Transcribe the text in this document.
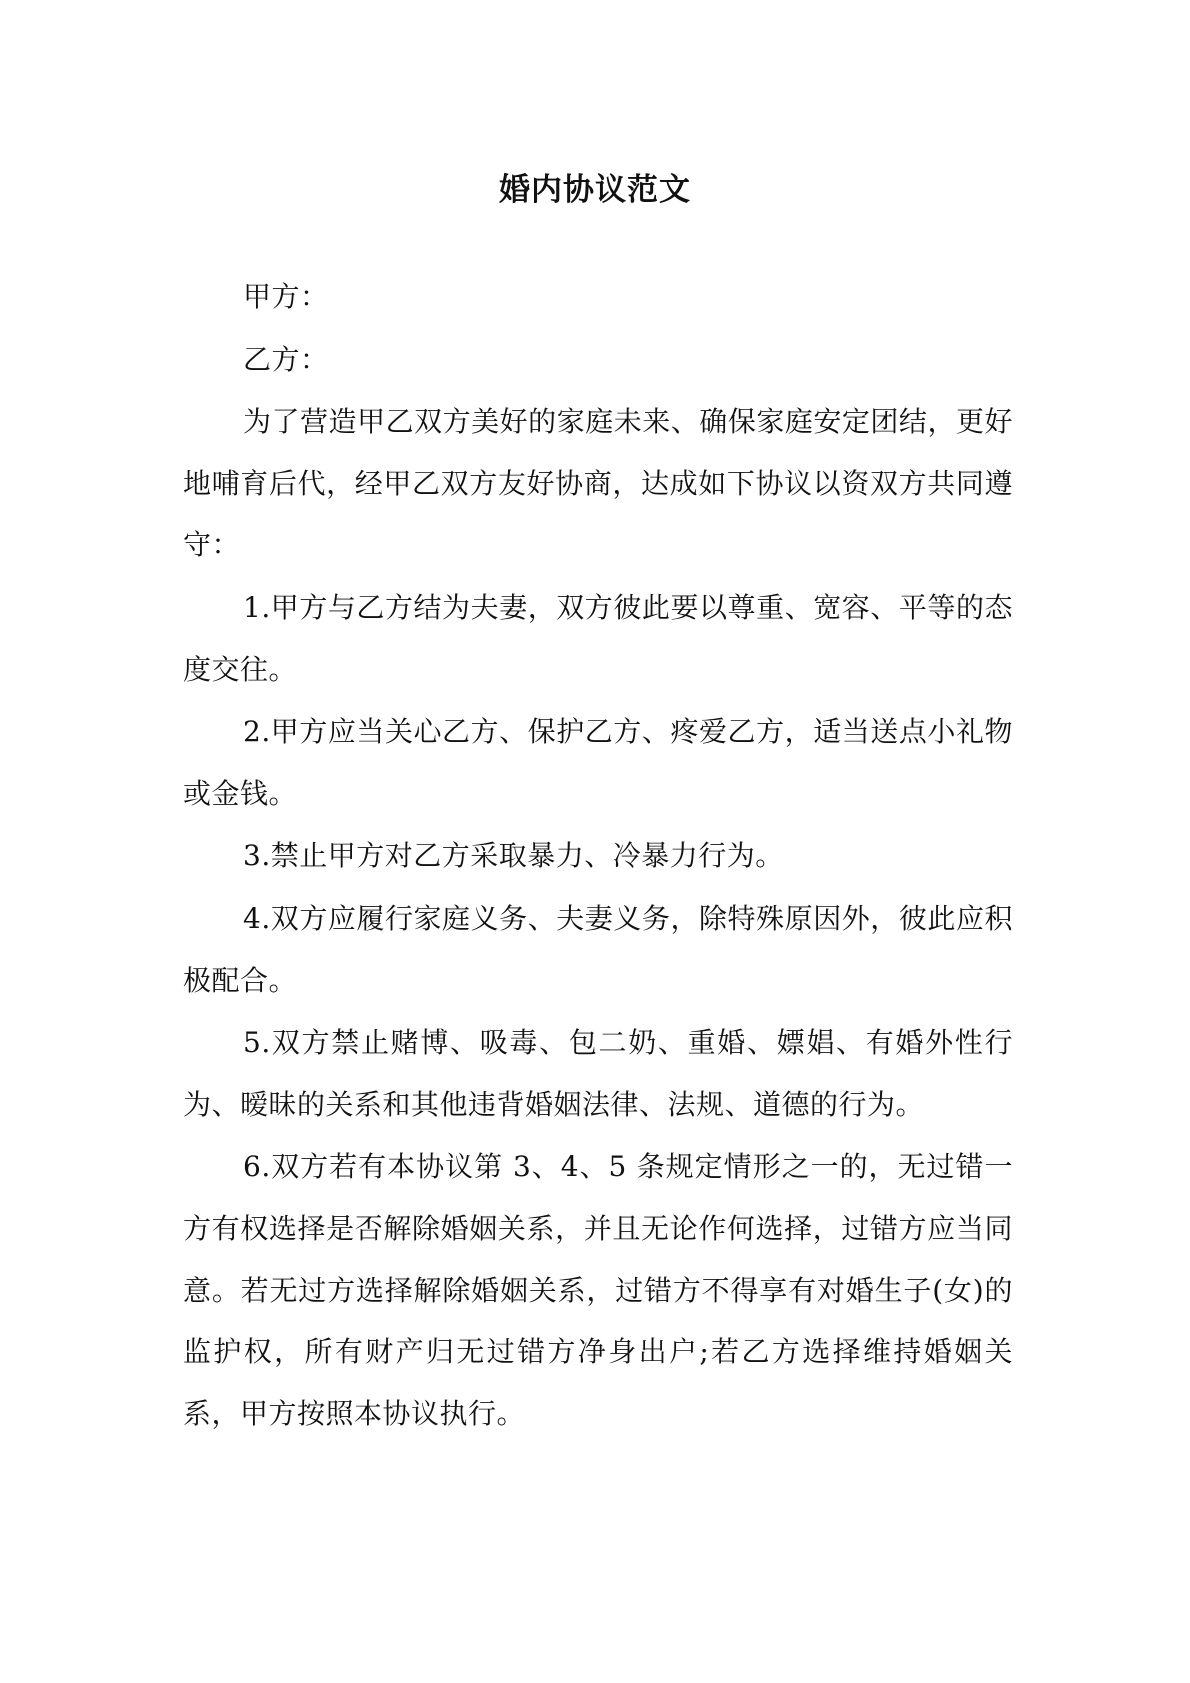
婚内协议范文

甲方：

乙方：

为了营造甲乙双方美好的家庭未来、确保家庭安定团结，更好地哺育后代，经甲乙双方友好协商，达成如下协议以资双方共同遵守：

1.甲方与乙方结为夫妻，双方彼此要以尊重、宽容、平等的态度交往。

2.甲方应当关心乙方、保护乙方、疼爱乙方，适当送点小礼物或金钱。

3.禁止甲方对乙方采取暴力、冷暴力行为。

4.双方应履行家庭义务、夫妻义务，除特殊原因外，彼此应积极配合。

5.双方禁止赌博、吸毒、包二奶、重婚、嫖娼、有婚外性行为、暧昧的关系和其他违背婚姻法律、法规、道德的行为。

6.双方若有本协议第 3、4、5 条规定情形之一的，无过错一方有权选择是否解除婚姻关系，并且无论作何选择，过错方应当同意。若无过方选择解除婚姻关系，过错方不得享有对婚生子(女)的监护权，所有财产归无过错方净身出户;若乙方选择维持婚姻关系，甲方按照本协议执行。
